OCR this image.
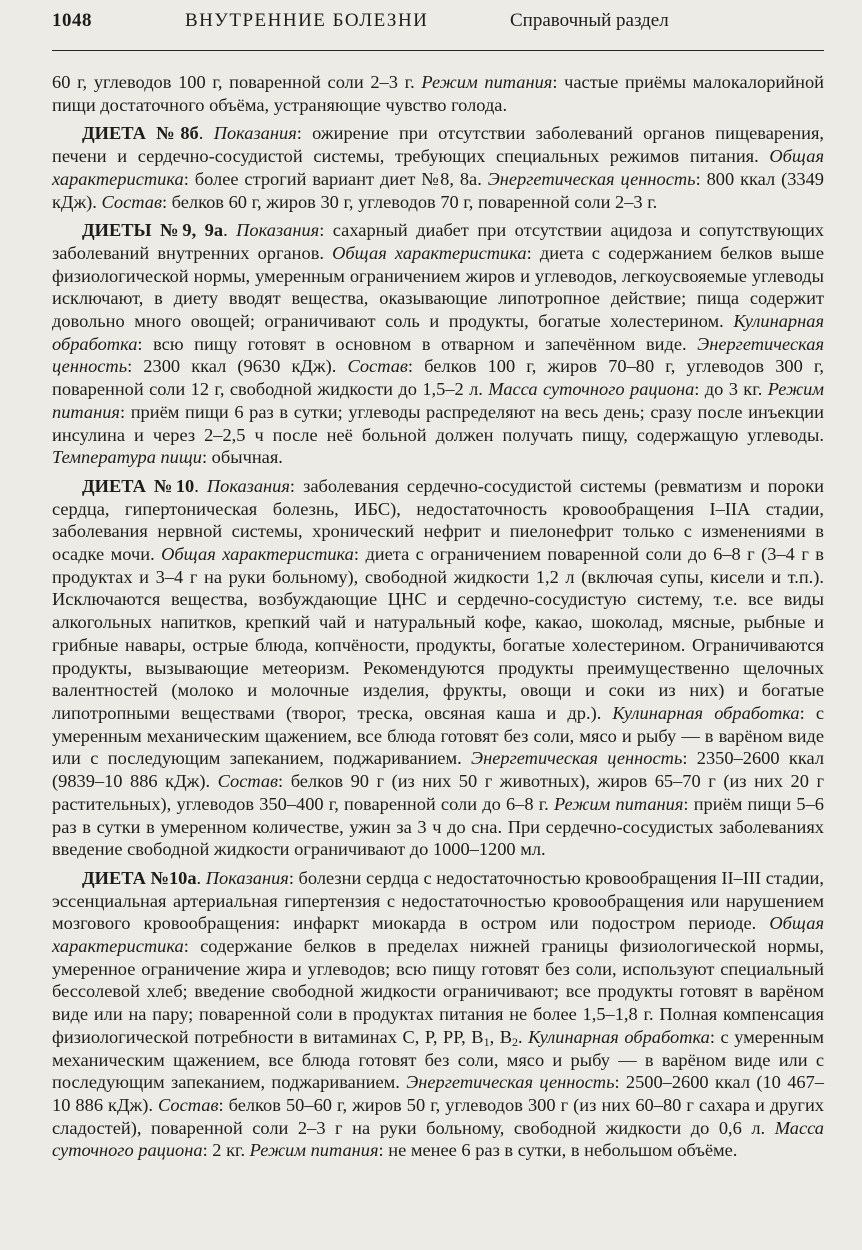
1048	ВНУТРЕННИЕ БОЛЕЗНИ	Справочный раздел

60 г, углеводов 100 г, поваренной соли 2–3 г. Режим питания: частые приёмы малокалорийной пищи достаточного объёма, устраняющие чувство голода.

ДИЕТА №8б. Показания: ожирение при отсутствии заболеваний органов пищеварения, печени и сердечно-сосудистой системы, требующих специальных режимов питания. Общая характеристика: более строгий вариант диет №8, 8а. Энергетическая ценность: 800 ккал (3349 кДж). Состав: белков 60 г, жиров 30 г, углеводов 70 г, поваренной соли 2–3 г.

ДИЕТЫ №9, 9а. Показания: сахарный диабет при отсутствии ацидоза и сопутствующих заболеваний внутренних органов. Общая характеристика: диета с содержанием белков выше физиологической нормы, умеренным ограничением жиров и углеводов, легкоусвояемые углеводы исключают, в диету вводят вещества, оказывающие липотропное действие; пища содержит довольно много овощей; ограничивают соль и продукты, богатые холестерином. Кулинарная обработка: всю пищу готовят в основном в отварном и запечённом виде. Энергетическая ценность: 2300 ккал (9630 кДж). Состав: белков 100 г, жиров 70–80 г, углеводов 300 г, поваренной соли 12 г, свободной жидкости до 1,5–2 л. Масса суточного рациона: до 3 кг. Режим питания: приём пищи 6 раз в сутки; углеводы распределяют на весь день; сразу после инъекции инсулина и через 2–2,5 ч после неё больной должен получать пищу, содержащую углеводы. Температура пищи: обычная.

ДИЕТА №10. Показания: заболевания сердечно-сосудистой системы (ревматизм и пороки сердца, гипертоническая болезнь, ИБС), недостаточность кровообращения I–IIА стадии, заболевания нервной системы, хронический нефрит и пиелонефрит только с изменениями в осадке мочи. Общая характеристика: диета с ограничением поваренной соли до 6–8 г (3–4 г в продуктах и 3–4 г на руки больному), свободной жидкости 1,2 л (включая супы, кисели и т.п.). Исключаются вещества, возбуждающие ЦНС и сердечно-сосудистую систему, т.е. все виды алкогольных напитков, крепкий чай и натуральный кофе, какао, шоколад, мясные, рыбные и грибные навары, острые блюда, копчёности, продукты, богатые холестерином. Ограничиваются продукты, вызывающие метеоризм. Рекомендуются продукты преимущественно щелочных валентностей (молоко и молочные изделия, фрукты, овощи и соки из них) и богатые липотропными веществами (творог, треска, овсяная каша и др.). Кулинарная обработка: с умеренным механическим щажением, все блюда готовят без соли, мясо и рыбу — в варёном виде или с последующим запеканием, поджариванием. Энергетическая ценность: 2350–2600 ккал (9839–10 886 кДж). Состав: белков 90 г (из них 50 г животных), жиров 65–70 г (из них 20 г растительных), углеводов 350–400 г, поваренной соли до 6–8 г. Режим питания: приём пищи 5–6 раз в сутки в умеренном количестве, ужин за 3 ч до сна. При сердечно-сосудистых заболеваниях введение свободной жидкости ограничивают до 1000–1200 мл.

ДИЕТА №10а. Показания: болезни сердца с недостаточностью кровообращения II–III стадии, эссенциальная артериальная гипертензия с недостаточностью кровообращения или нарушением мозгового кровообращения: инфаркт миокарда в остром или подостром периоде. Общая характеристика: содержание белков в пределах нижней границы физиологической нормы, умеренное ограничение жира и углеводов; всю пищу готовят без соли, используют специальный бессолевой хлеб; введение свободной жидкости ограничивают; все продукты готовят в варёном виде или на пару; поваренной соли в продуктах питания не более 1,5–1,8 г. Полная компенсация физиологической потребности в витаминах С, Р, РР, $В_1$, $В_2$. Кулинарная обработка: с умеренным механическим щажением, все блюда готовят без соли, мясо и рыбу — в варёном виде или с последующим запеканием, поджариванием. Энергетическая ценность: 2500–2600 ккал (10 467–10 886 кДж). Состав: белков 50–60 г, жиров 50 г, углеводов 300 г (из них 60–80 г сахара и других сладостей), поваренной соли 2–3 г на руки больному, свободной жидкости до 0,6 л. Масса суточного рациона: 2 кг. Режим питания: не менее 6 раз в сутки, в небольшом объёме.
